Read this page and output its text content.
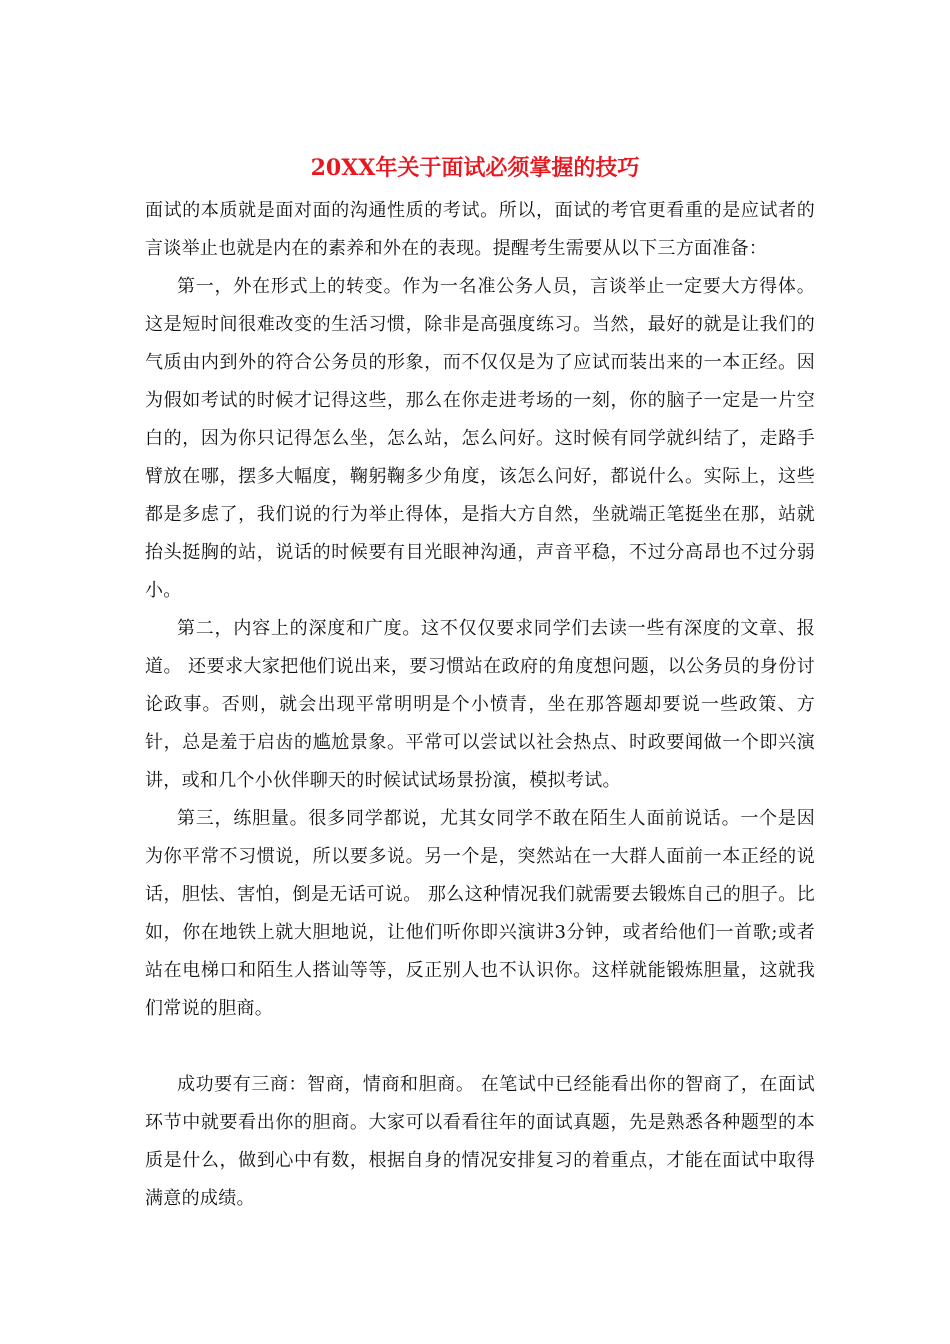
20XX年关于面试必须掌握的技巧

面试的本质就是面对面的沟通性质的考试。所以，面试的考官更看重的是应试者的言谈举止也就是内在的素养和外在的表现。提醒考生需要从以下三方面准备：

第一，外在形式上的转变。作为一名准公务人员，言谈举止一定要大方得体。这是短时间很难改变的生活习惯，除非是高强度练习。当然，最好的就是让我们的气质由内到外的符合公务员的形象，而不仅仅是为了应试而装出来的一本正经。因为假如考试的时候才记得这些，那么在你走进考场的一刻，你的脑子一定是一片空白的，因为你只记得怎么坐，怎么站，怎么问好。这时候有同学就纠结了，走路手臂放在哪，摆多大幅度，鞠躬鞠多少角度，该怎么问好，都说什么。实际上，这些都是多虑了，我们说的行为举止得体，是指大方自然，坐就端正笔挺坐在那，站就抬头挺胸的站，说话的时候要有目光眼神沟通，声音平稳，不过分高昂也不过分弱小。

第二，内容上的深度和广度。这不仅仅要求同学们去读一些有深度的文章、报道。 还要求大家把他们说出来，要习惯站在政府的角度想问题，以公务员的身份讨论政事。否则，就会出现平常明明是个小愤青，坐在那答题却要说一些政策、方针，总是羞于启齿的尴尬景象。平常可以尝试以社会热点、时政要闻做一个即兴演讲，或和几个小伙伴聊天的时候试试场景扮演，模拟考试。

第三，练胆量。很多同学都说，尤其女同学不敢在陌生人面前说话。一个是因为你平常不习惯说，所以要多说。另一个是，突然站在一大群人面前一本正经的说话，胆怯、害怕，倒是无话可说。 那么这种情况我们就需要去锻炼自己的胆子。比如，你在地铁上就大胆地说，让他们听你即兴演讲3分钟，或者给他们一首歌;或者站在电梯口和陌生人搭讪等等，反正别人也不认识你。这样就能锻炼胆量，这就我们常说的胆商。

成功要有三商：智商，情商和胆商。 在笔试中已经能看出你的智商了，在面试环节中就要看出你的胆商。大家可以看看往年的面试真题，先是熟悉各种题型的本质是什么，做到心中有数，根据自身的情况安排复习的着重点，才能在面试中取得满意的成绩。
